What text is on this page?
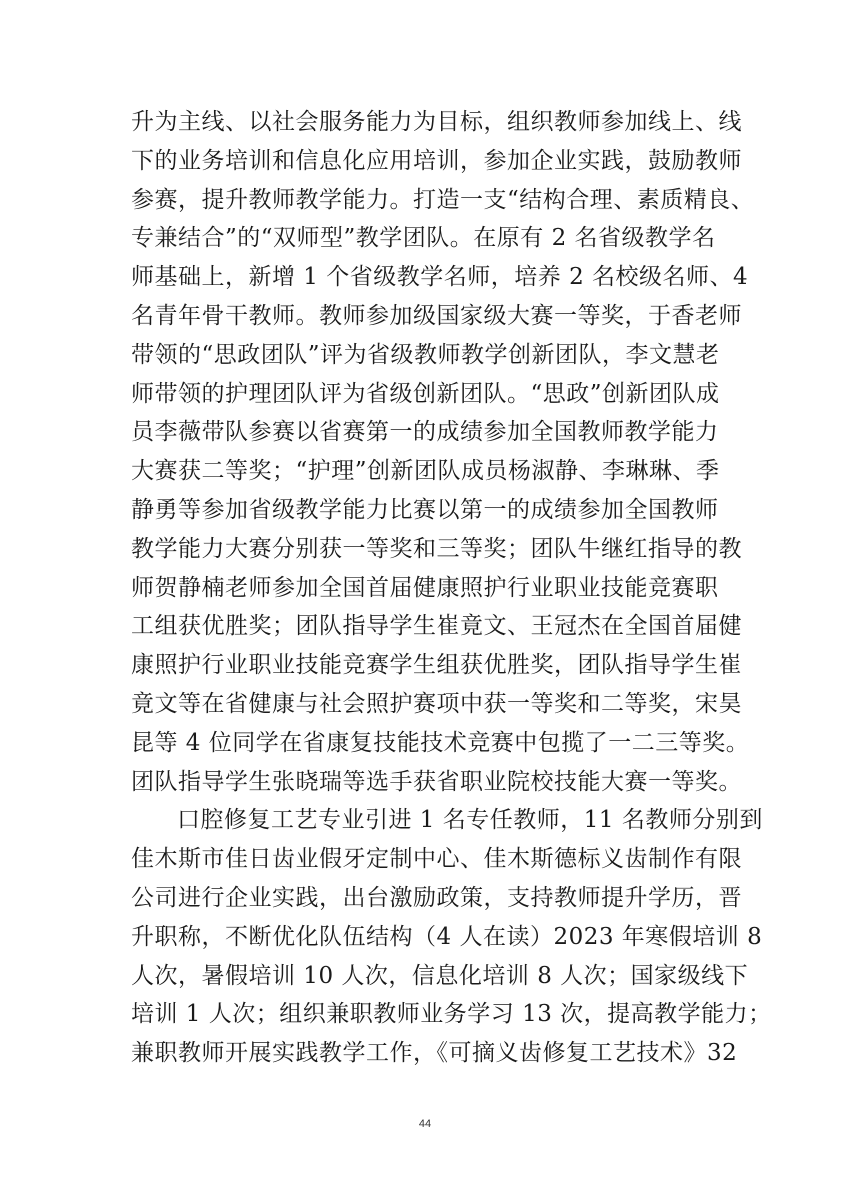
升为主线、以社会服务能力为目标，组织教师参加线上、线
下的业务培训和信息化应用培训，参加企业实践，鼓励教师
参赛，提升教师教学能力。打造一支“结构合理、素质精良、
专兼结合”的“双师型”教学团队。在原有 2 名省级教学名
师基础上，新增 1 个省级教学名师，培养 2 名校级名师、4
名青年骨干教师。教师参加级国家级大赛一等奖，于香老师
带领的“思政团队”评为省级教师教学创新团队，李文慧老
师带领的护理团队评为省级创新团队。“思政”创新团队成
员李薇带队参赛以省赛第一的成绩参加全国教师教学能力
大赛获二等奖；“护理”创新团队成员杨淑静、李琳琳、季
静勇等参加省级教学能力比赛以第一的成绩参加全国教师
教学能力大赛分别获一等奖和三等奖；团队牛继红指导的教
师贺静楠老师参加全国首届健康照护行业职业技能竞赛职
工组获优胜奖；团队指导学生崔竟文、王冠杰在全国首届健
康照护行业职业技能竞赛学生组获优胜奖，团队指导学生崔
竟文等在省健康与社会照护赛项中获一等奖和二等奖，宋昊
昆等 4 位同学在省康复技能技术竞赛中包揽了一二三等奖。
团队指导学生张晓瑞等选手获省职业院校技能大赛一等奖。
口腔修复工艺专业引进 1 名专任教师，11 名教师分别到
佳木斯市佳日齿业假牙定制中心、佳木斯德标义齿制作有限
公司进行企业实践，出台激励政策，支持教师提升学历，晋
升职称，不断优化队伍结构（4 人在读）2023 年寒假培训 8
人次，暑假培训 10 人次，信息化培训 8 人次；国家级线下
培训 1 人次；组织兼职教师业务学习 13 次，提高教学能力；
兼职教师开展实践教学工作，《可摘义齿修复工艺技术》32
44
